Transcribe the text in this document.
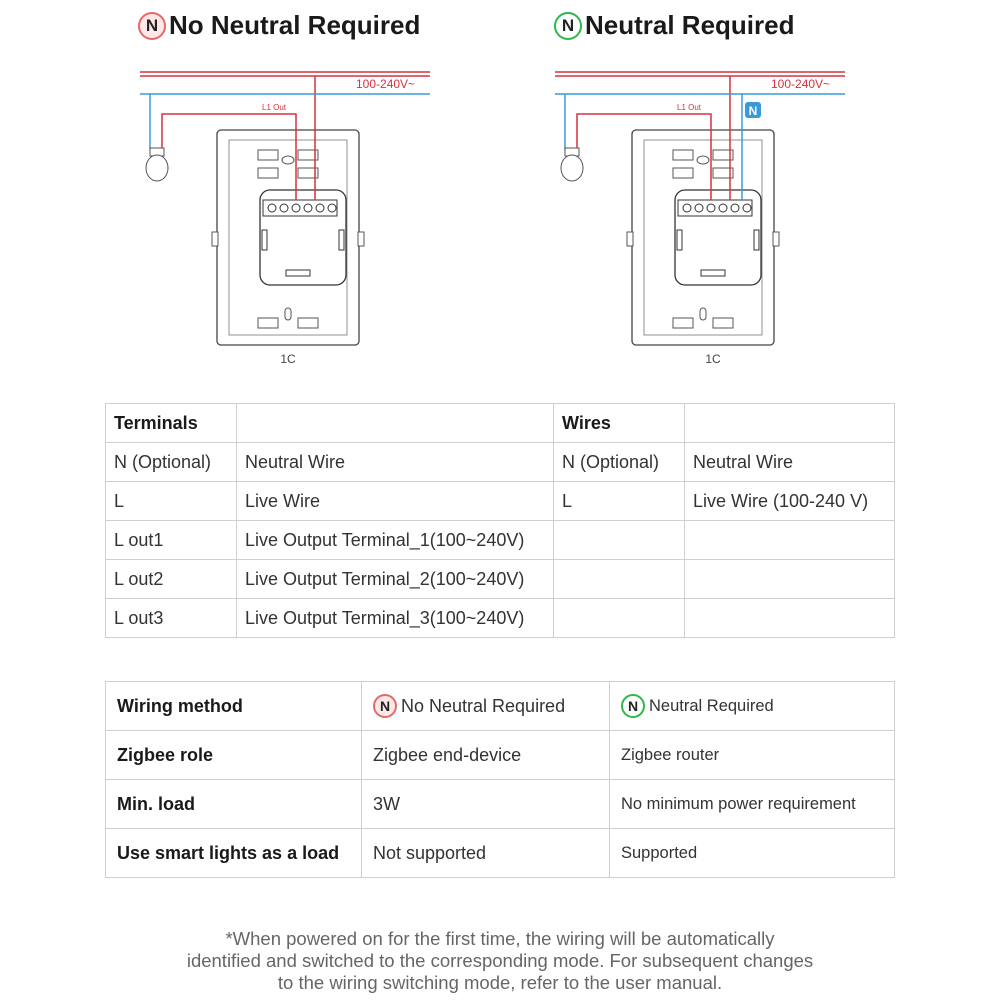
N No Neutral Required	N Neutral Required
100-240V~
L1 Out
1C
N
100-240V~
L1 Out
1C
Terminals		Wires	
N (Optional)	Neutral Wire	N (Optional)	Neutral Wire
L	Live Wire	L	Live Wire (100-240 V)
L out1	Live Output Terminal_1(100~240V)		
L out2	Live Output Terminal_2(100~240V)		
L out3	Live Output Terminal_3(100~240V)		
Wiring method	N No Neutral Required	N Neutral Required

Zigbee role	Zigbee end-device	Zigbee router
Min. load	3W	No minimum power requirement
Use smart lights as a load	Not supported	Supported
*When powered on for the first time, the wiring will be automatically
identified and switched to the corresponding mode. For subsequent changes
to the wiring switching mode, refer to the user manual.
